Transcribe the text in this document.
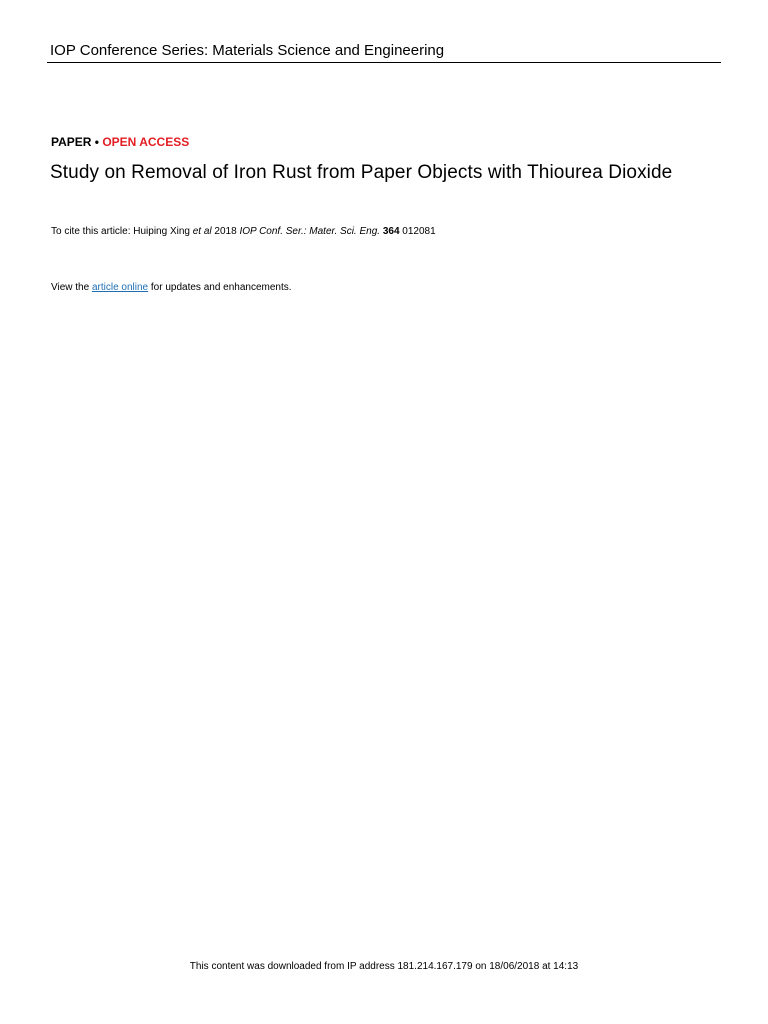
IOP Conference Series: Materials Science and Engineering
PAPER • OPEN ACCESS
Study on Removal of Iron Rust from Paper Objects with Thiourea Dioxide
To cite this article: Huiping Xing et al 2018 IOP Conf. Ser.: Mater. Sci. Eng. 364 012081
View the article online for updates and enhancements.
This content was downloaded from IP address 181.214.167.179 on 18/06/2018 at 14:13
